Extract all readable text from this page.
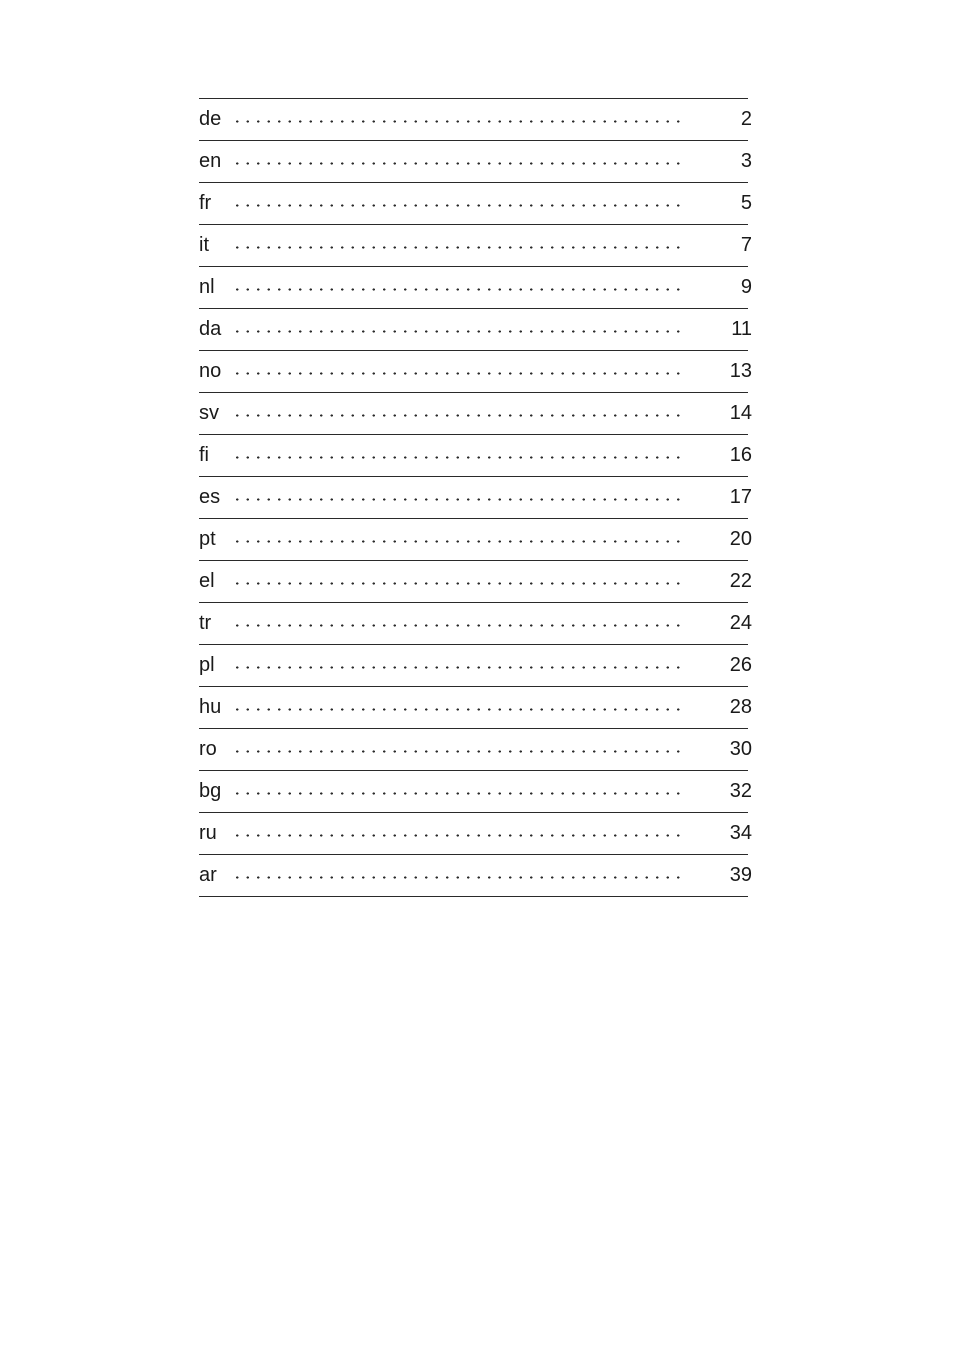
de	2
en	3
fr	5
it	7
nl	9
da	11
no	13
sv	14
fi	16
es	17
pt	20
el	22
tr	24
pl	26
hu	28
ro	30
bg	32
ru	34
ar	39
